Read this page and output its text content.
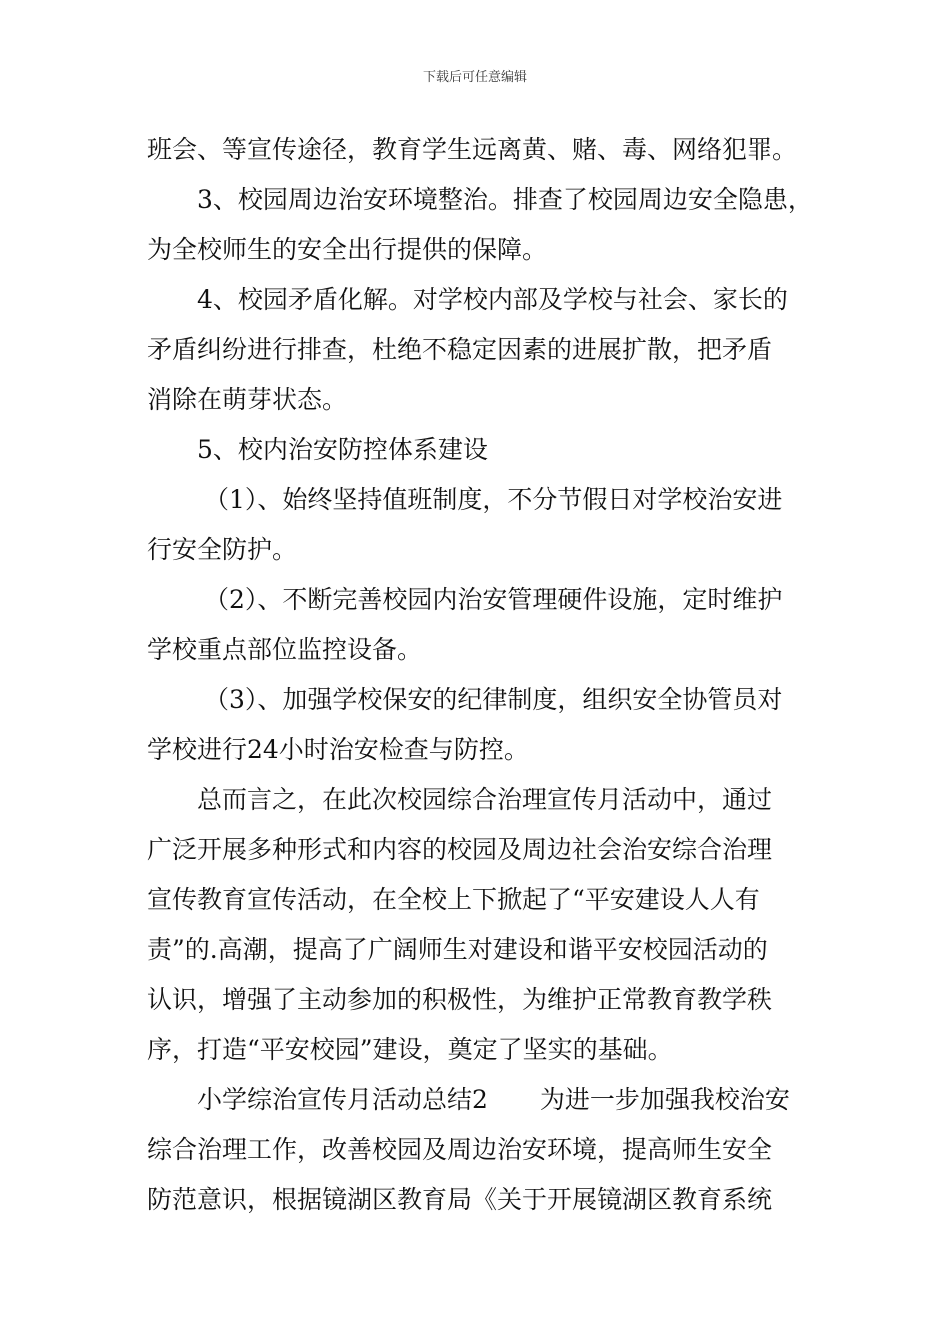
下载后可任意编辑
班会、等宣传途径，教育学生远离黄、赌、毒、网络犯罪。
3、校园周边治安环境整治。排查了校园周边安全隐患，
为全校师生的安全出行提供的保障。
4、校园矛盾化解。对学校内部及学校与社会、家长的
矛盾纠纷进行排查，杜绝不稳定因素的进展扩散，把矛盾
消除在萌芽状态。
5、校内治安防控体系建设
（1）、始终坚持值班制度，不分节假日对学校治安进
行安全防护。
（2）、不断完善校园内治安管理硬件设施，定时维护
学校重点部位监控设备。
（3）、加强学校保安的纪律制度，组织安全协管员对
学校进行24小时治安检查与防控。
总而言之，在此次校园综合治理宣传月活动中，通过
广泛开展多种形式和内容的校园及周边社会治安综合治理
宣传教育宣传活动，在全校上下掀起了“平安建设人人有
责”的.高潮，提高了广阔师生对建设和谐平安校园活动的
认识，增强了主动参加的积极性，为维护正常教育教学秩
序，打造“平安校园”建设，奠定了坚实的基础。
小学综治宣传月活动总结2 为进一步加强我校治安
综合治理工作，改善校园及周边治安环境，提高师生安全
防范意识，根据镜湖区教育局《关于开展镜湖区教育系统
